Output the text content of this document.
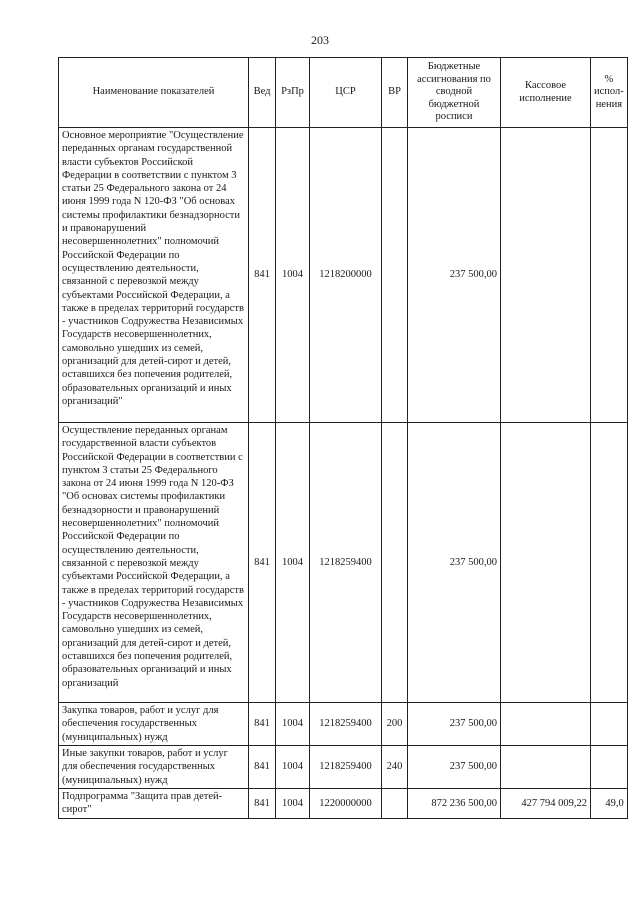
203
Наименование показателей	Вед	РзПр	ЦСР	ВР	Бюджетные ассигнования по сводной бюджетной росписи	Кассовое исполнение	% испол- нения
Основное мероприятие "Осуществление переданных органам государственной власти субъектов Российской Федерации в соответствии с пунктом 3 статьи 25 Федерального закона от 24 июня 1999 года N 120-ФЗ "Об основах системы профилактики безнадзорности и правонарушений несовершеннолетних" полномочий Российской Федерации по осуществлению деятельности, связанной с перевозкой между субъектами Российской Федерации, а также в пределах территорий государств - участников Содружества Независимых Государств несовершеннолетних, самовольно ушедших из семей, организаций для детей-сирот и детей, оставшихся без попечения родителей, образовательных организаций и иных организаций"	841	1004	1218200000		237 500,00		
Осуществление переданных органам государственной власти субъектов Российской Федерации в соответствии с пунктом 3 статьи 25 Федерального закона от 24 июня 1999 года N 120-ФЗ "Об основах системы профилактики безнадзорности и правонарушений несовершеннолетних" полномочий Российской Федерации по осуществлению деятельности, связанной с перевозкой между субъектами Российской Федерации, а также в пределах территорий государств - участников Содружества Независимых Государств несовершеннолетних, самовольно ушедших из семей, организаций для детей-сирот и детей, оставшихся без попечения родителей, образовательных организаций и иных организаций	841	1004	1218259400		237 500,00		
Закупка товаров, работ и услуг для обеспечения государственных (муниципальных) нужд	841	1004	1218259400	200	237 500,00		
Иные закупки товаров, работ и услуг для обеспечения государственных (муниципальных) нужд	841	1004	1218259400	240	237 500,00		
Подпрограмма "Защита прав детей-сирот"	841	1004	1220000000		872 236 500,00	427 794 009,22	49,0
